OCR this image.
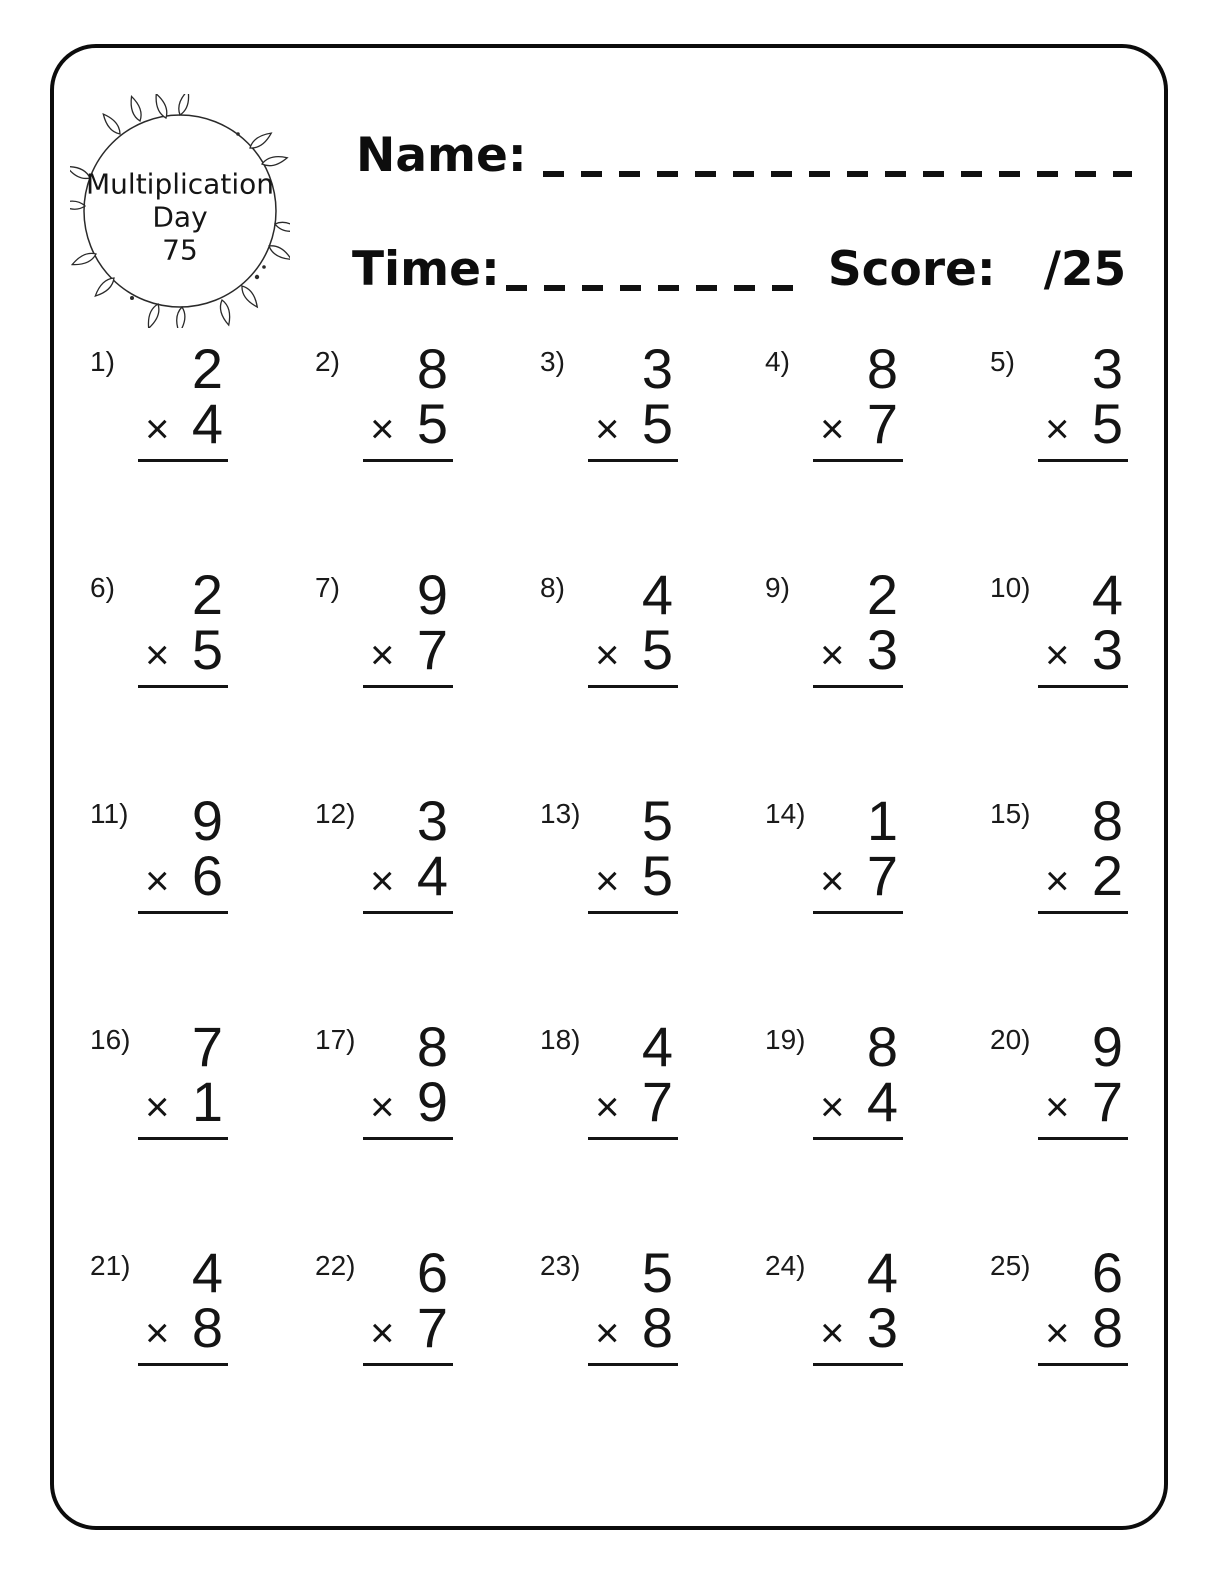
Multiplication
Day
75
Name:
Time:	Score: /25
1)	2
× 4
2)	8
× 5
3)	3
× 5
4)	8
× 7
5)	3
× 5
6)	2
× 5
7)	9
× 7
8)	4
× 5
9)	2
× 3
10)	4
× 3
11)	9
× 6
12)	3
× 4
13)	5
× 5
14)	1
× 7
15)	8
× 2
16)	7
× 1
17)	8
× 9
18)	4
× 7
19)	8
× 4
20)	9
× 7
21)	4
× 8
22)	6
× 7
23)	5
× 8
24)	4
× 3
25)	6
× 8
